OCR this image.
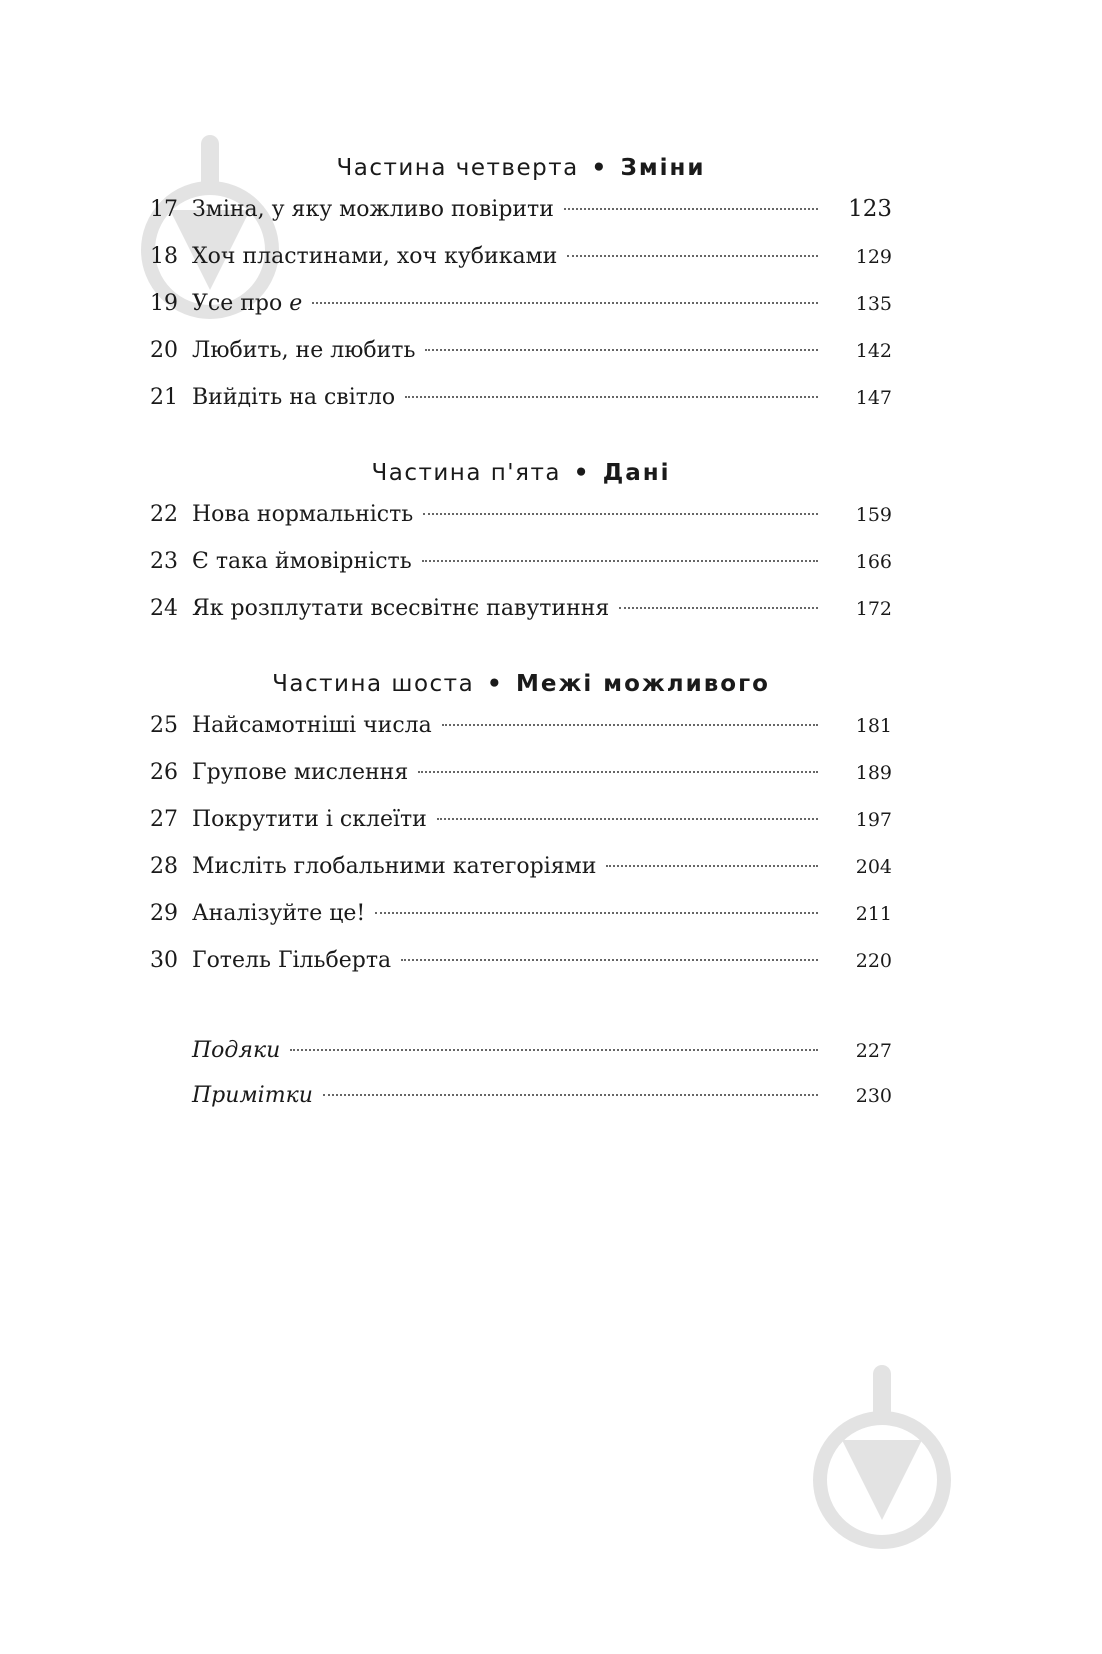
Частина четверта • Зміни
17 Зміна, у яку можливо повірити	123
18 Хоч пластинами, хоч кубиками	129
19 Усе про e	135
20 Любить, не любить	142
21 Вийдіть на світло	147
Частина п'ята • Дані
22 Нова нормальність	159
23 Є така ймовірність	166
24 Як розплутати всесвітнє павутиння	172
Частина шоста • Межі можливого
25 Найсамотніші числа	181
26 Групове мислення	189
27 Покрутити і склеїти	197
28 Мисліть глобальними категоріями	204
29 Аналізуйте це!	211
30 Готель Гільберта	220
Подяки	227
Примітки	230
